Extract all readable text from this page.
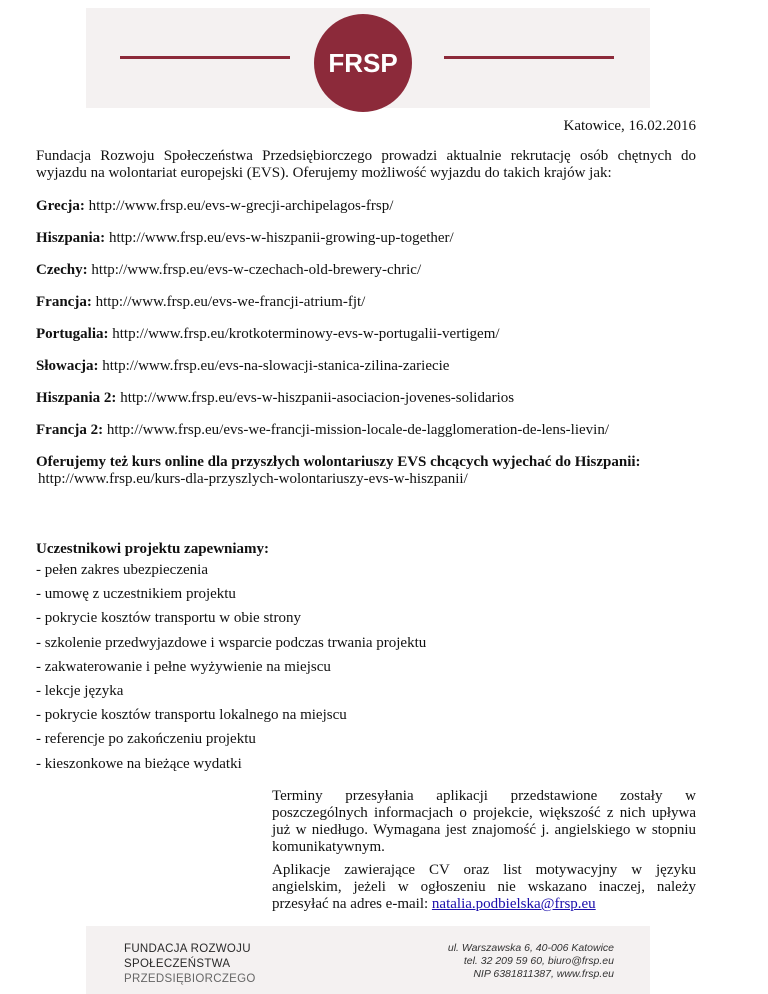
FRSP
Katowice, 16.02.2016

Fundacja Rozwoju Społeczeństwa Przedsiębiorczego prowadzi aktualnie rekrutację osób chętnych do wyjazdu na wolontariat europejski (EVS). Oferujemy możliwość wyjazdu do takich krajów jak:

Grecja: http://www.frsp.eu/evs-w-grecji-archipelagos-frsp/
Hiszpania: http://www.frsp.eu/evs-w-hiszpanii-growing-up-together/
Czechy: http://www.frsp.eu/evs-w-czechach-old-brewery-chric/
Francja: http://www.frsp.eu/evs-we-francji-atrium-fjt/
Portugalia: http://www.frsp.eu/krotkoterminowy-evs-w-portugalii-vertigem/
Słowacja: http://www.frsp.eu/evs-na-slowacji-stanica-zilina-zariecie
Hiszpania 2: http://www.frsp.eu/evs-w-hiszpanii-asociacion-jovenes-solidarios
Francja 2: http://www.frsp.eu/evs-we-francji-mission-locale-de-lagglomeration-de-lens-lievin/

Oferujemy też kurs online dla przyszłych wolontariuszy EVS chcących wyjechać do Hiszpanii:

http://www.frsp.eu/kurs-dla-przyszlych-wolontariuszy-evs-w-hiszpanii/

Uczestnikowi projektu zapewniamy:
- pełen zakres ubezpieczenia
- umowę z uczestnikiem projektu
- pokrycie kosztów transportu w obie strony
- szkolenie przedwyjazdowe i wsparcie podczas trwania projektu
- zakwaterowanie i pełne wyżywienie na miejscu
- lekcje języka
- pokrycie kosztów transportu lokalnego na miejscu
- referencje po zakończeniu projektu
- kieszonkowe na bieżące wydatki

Terminy przesyłania aplikacji przedstawione zostały w poszczególnych informacjach o projekcie, większość z nich upływa już w niedługo. Wymagana jest znajomość j. angielskiego w stopniu komunikatywnym.

Aplikacje zawierające CV oraz list motywacyjny w języku angielskim, jeżeli w ogłoszeniu nie wskazano inaczej, należy przesyłać na adres e-mail: natalia.podbielska@frsp.eu

FUNDACJA ROZWOJU
SPOŁECZEŃSTWA
PRZEDSIĘBIORCZEGO
ul. Warszawska 6, 40-006 Katowice
tel. 32 209 59 60, biuro@frsp.eu
NIP 6381811387, www.frsp.eu
